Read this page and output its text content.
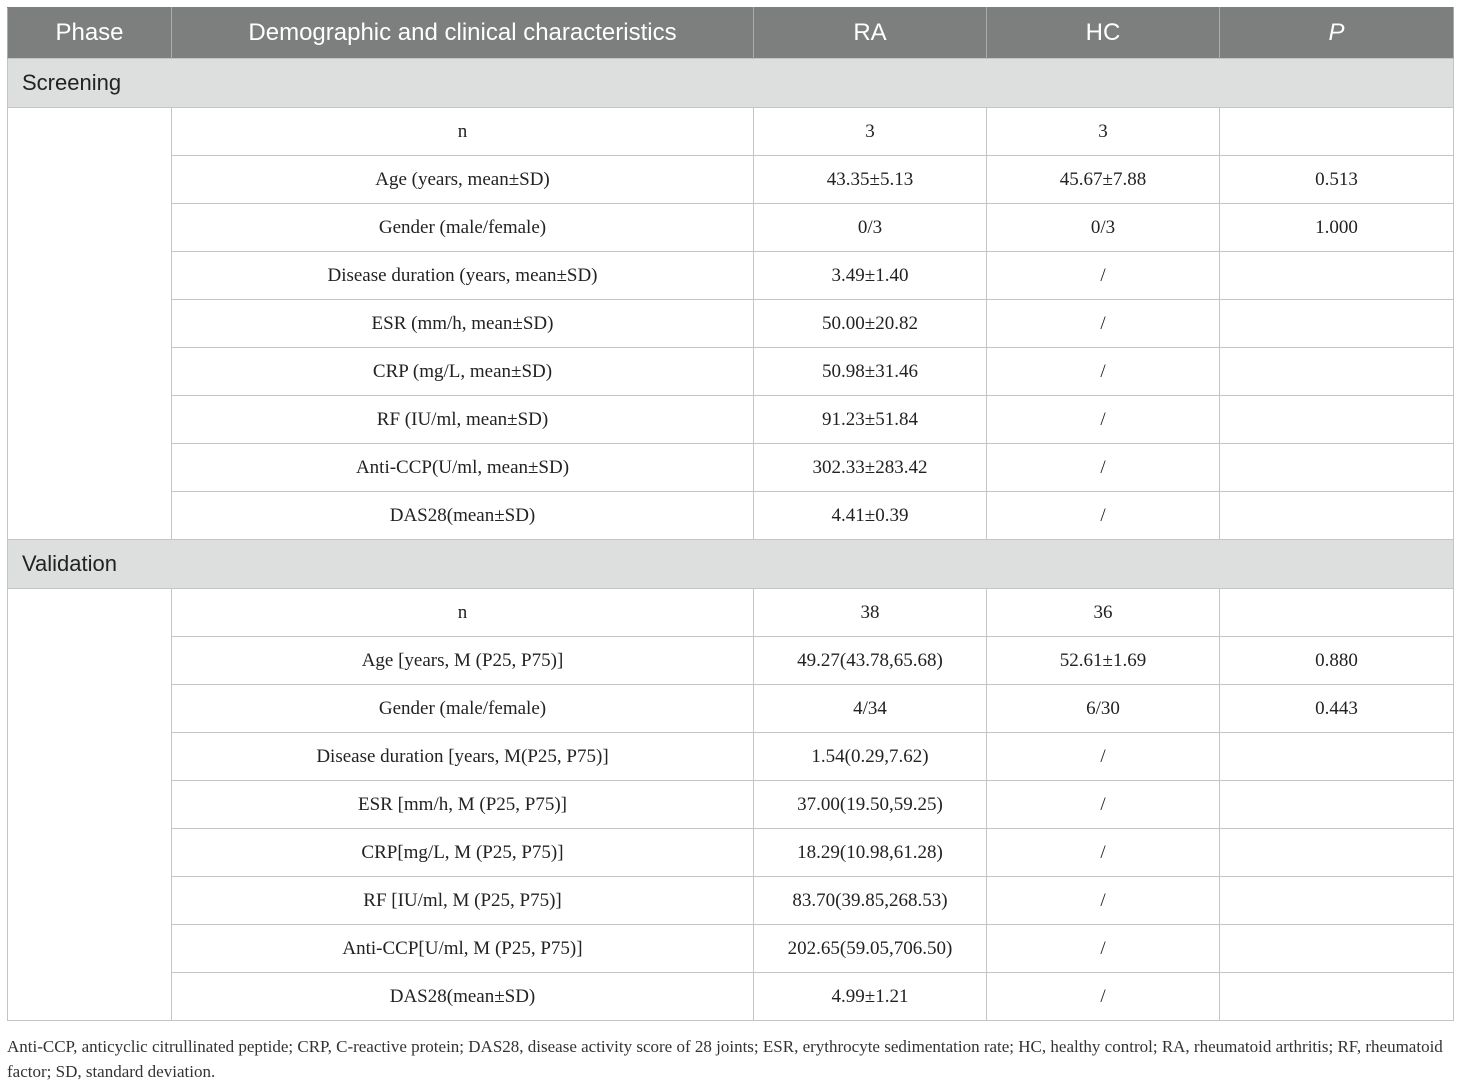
Phase	Demographic and clinical characteristics	RA	HC	P
Screening				
	n	3	3	
	Age (years, mean±SD)	43.35±5.13	45.67±7.88	0.513
	Gender (male/female)	0/3	0/3	1.000
	Disease duration (years, mean±SD)	3.49±1.40	/	
	ESR (mm/h, mean±SD)	50.00±20.82	/	
	CRP (mg/L, mean±SD)	50.98±31.46	/	
	RF (IU/ml, mean±SD)	91.23±51.84	/	
	Anti-CCP(U/ml, mean±SD)	302.33±283.42	/	
	DAS28(mean±SD)	4.41±0.39	/	
Validation				
	n	38	36	
	Age [years, M (P25, P75)]	49.27(43.78,65.68)	52.61±1.69	0.880
	Gender (male/female)	4/34	6/30	0.443
	Disease duration [years, M(P25, P75)]	1.54(0.29,7.62)	/	
	ESR [mm/h, M (P25, P75)]	37.00(19.50,59.25)	/	
	CRP[mg/L, M (P25, P75)]	18.29(10.98,61.28)	/	
	RF [IU/ml, M (P25, P75)]	83.70(39.85,268.53)	/	
	Anti-CCP[U/ml, M (P25, P75)]	202.65(59.05,706.50)	/	
	DAS28(mean±SD)	4.99±1.21	/	
Anti-CCP, anticyclic citrullinated peptide; CRP, C-reactive protein; DAS28, disease activity score of 28 joints; ESR, erythrocyte sedimentation rate; HC, healthy control; RA, rheumatoid arthritis; RF, rheumatoid factor; SD, standard deviation.
